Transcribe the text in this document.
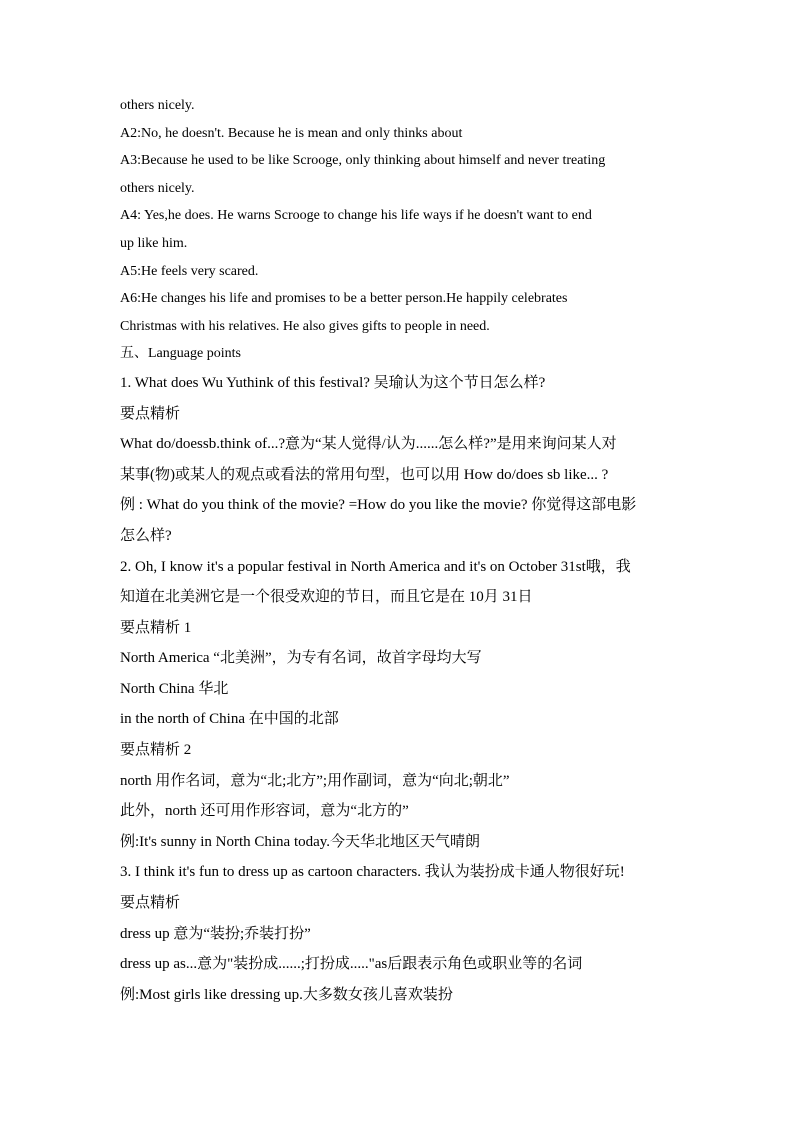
others nicely.
A2:No, he doesn't. Because he is mean and only thinks about
A3:Because he used to be like Scrooge, only thinking about himself and never treating
others nicely.
A4: Yes,he does. He warns Scrooge to change his life ways if he doesn't want to end
up like him.
A5:He feels very scared.
A6:He changes his life and promises to be a better person.He happily celebrates
Christmas with his relatives. He also gives gifts to people in need.
五、Language points
1. What does Wu Yuthink of this festival? 吴瑜认为这个节日怎么样?
要点精析
What do/doessb.think of...?意为“某人觉得/认为......怎么样?”是用来询问某人对
某事(物)或某人的观点或看法的常用句型，也可以用 How do/does sb like... ?
例 : What do you think of the movie? =How do you like the movie? 你觉得这部电影
怎么样?
2. Oh, I know it's a popular festival in North America and it's on October 31st哦，我
知道在北美洲它是一个很受欢迎的节日，而且它是在 10月 31日
要点精析 1
North America “北美洲”，为专有名词，故首字母均大写
North China 华北
in the north of China 在中国的北部
要点精析 2
north 用作名词，意为“北;北方”;用作副词，意为“向北;朝北”
此外，north 还可用作形容词，意为“北方的”
例:It's sunny in North China today.今天华北地区天气晴朗
3. I think it's fun to dress up as cartoon characters. 我认为装扮成卡通人物很好玩!
要点精析
dress up 意为“装扮;乔装打扮”
dress up as...意为"装扮成......;打扮成....."as后跟表示角色或职业等的名词
例:Most girls like dressing up.大多数女孩儿喜欢装扮
